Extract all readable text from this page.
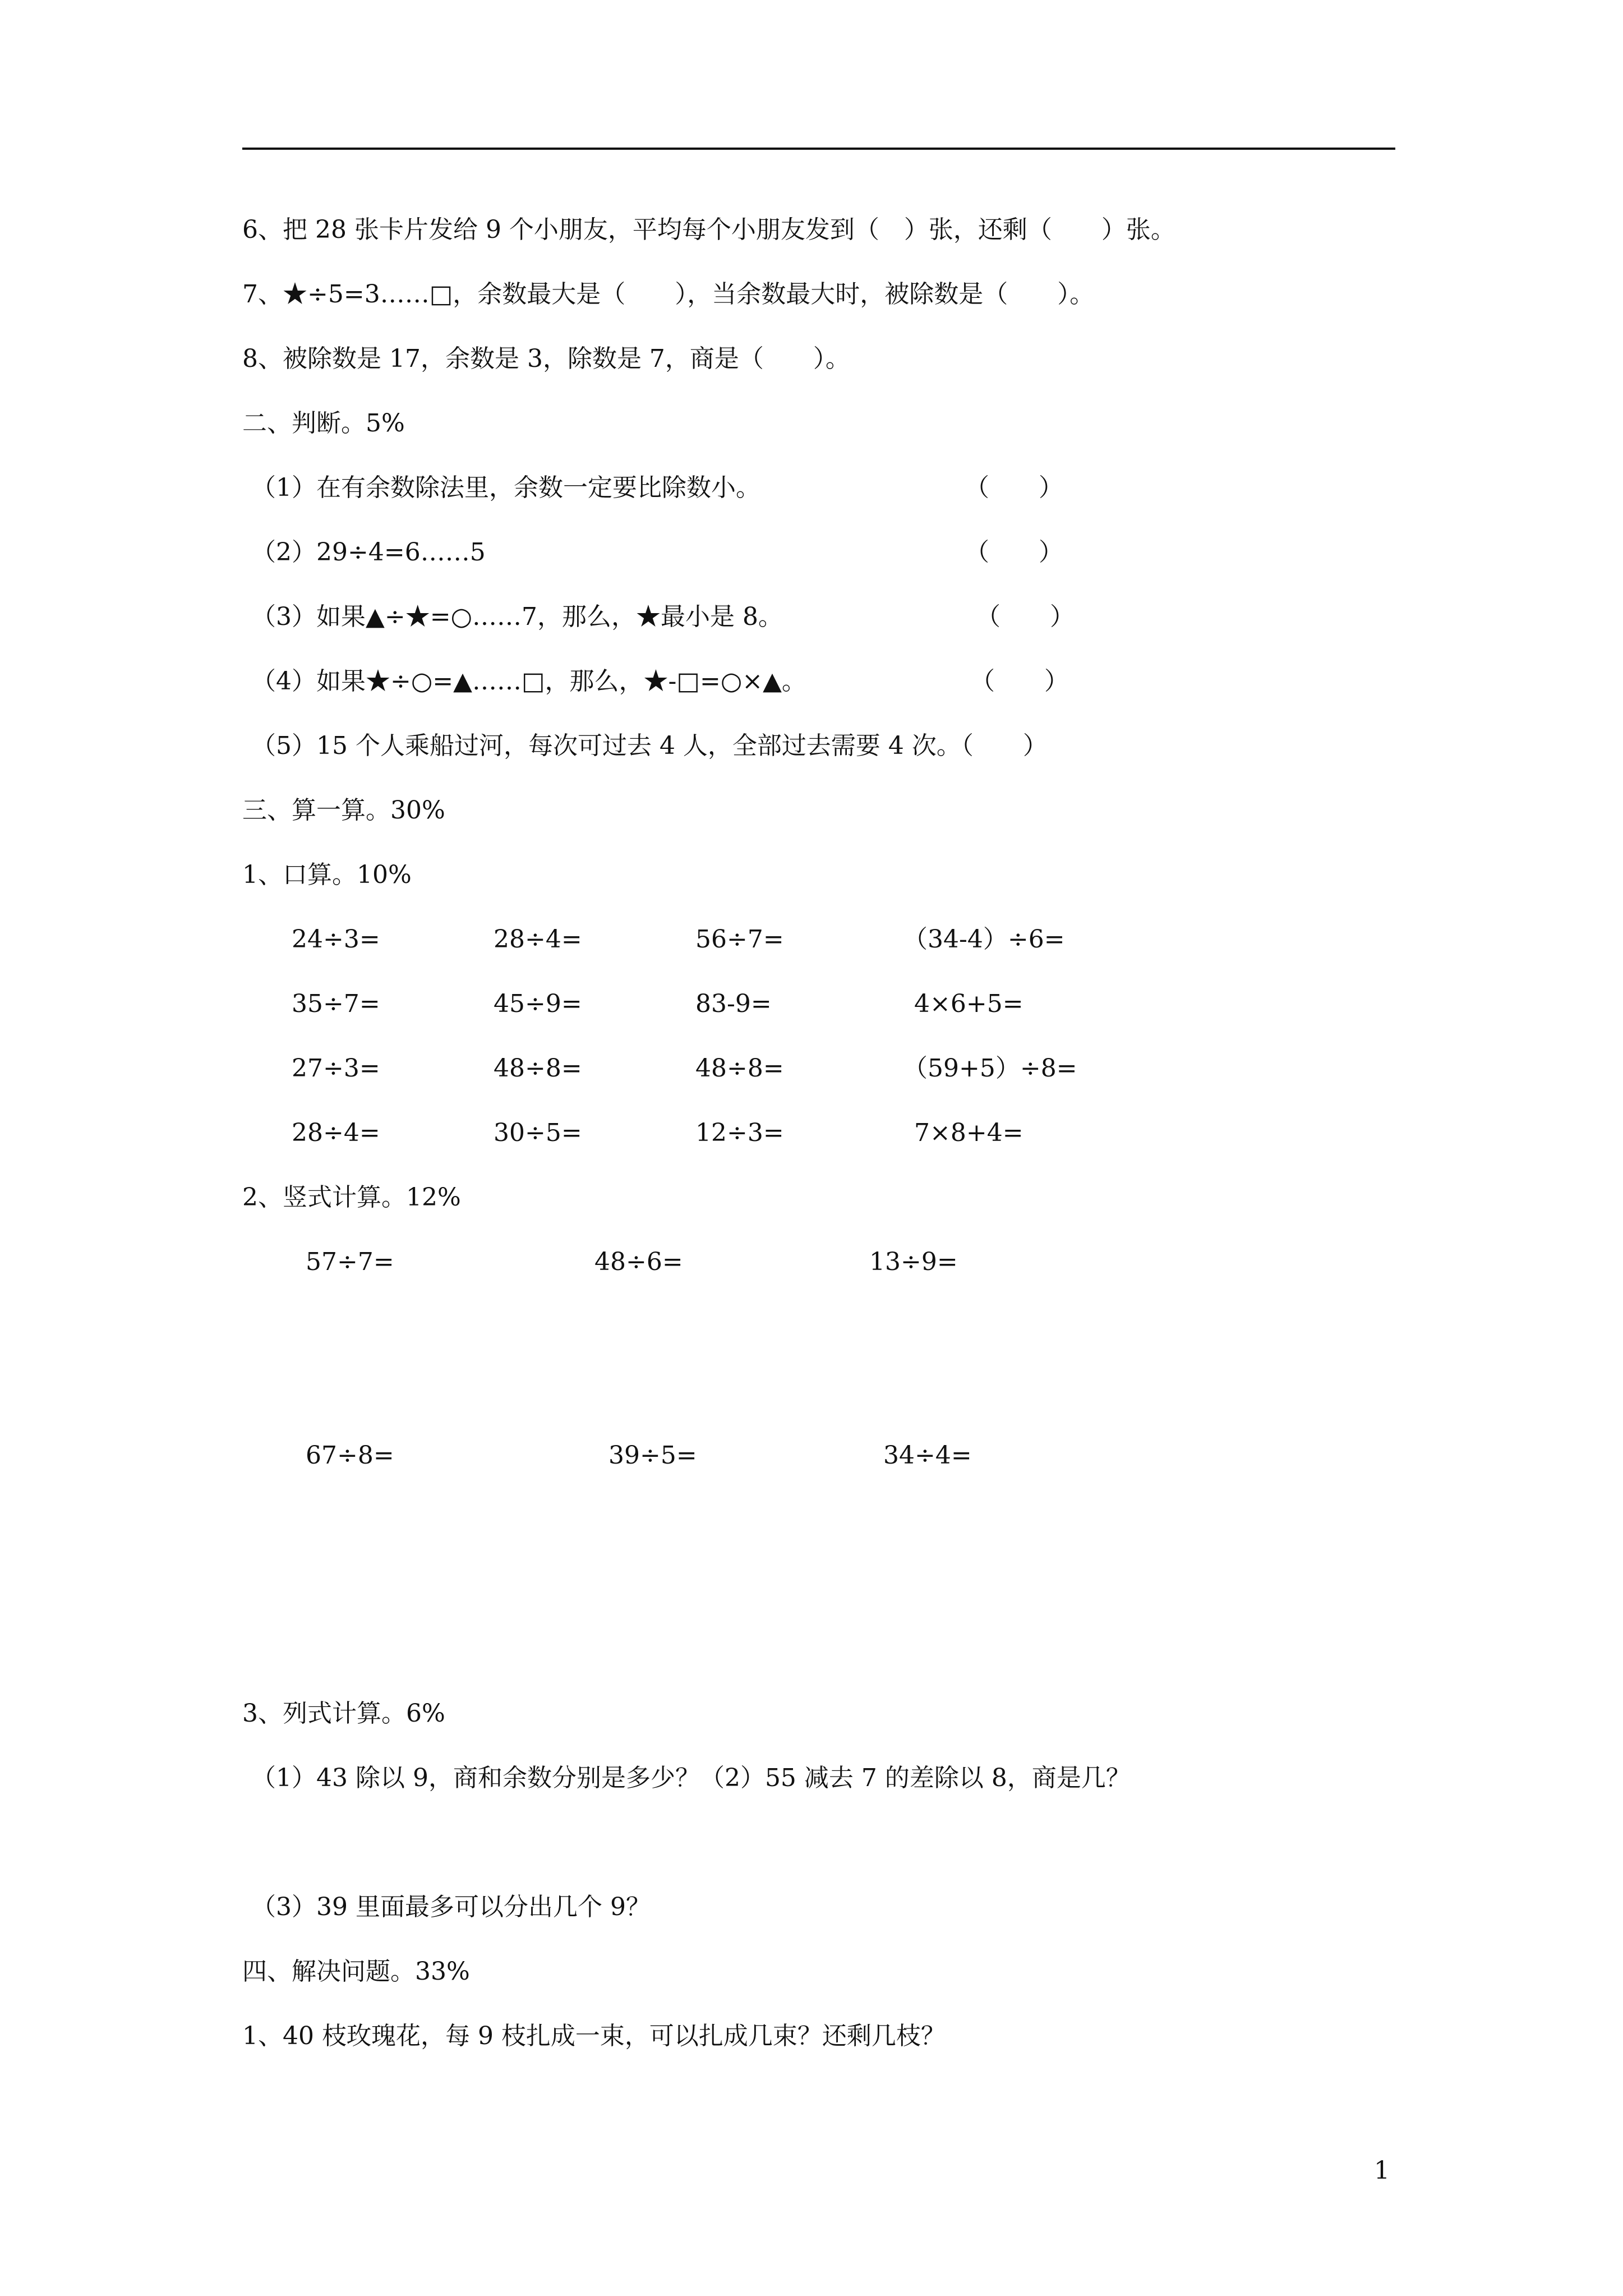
6、把 28 张卡片发给 9 个小朋友，平均每个小朋友发到（　）张，还剩（　　）张。
7、★÷5=3……□，余数最大是（　　），当余数最大时，被除数是（　　）。
8、被除数是 17，余数是 3，除数是 7，商是（　　）。
二、判断。5%
（1）在有余数除法里，余数一定要比除数小。	（　　）
（2）29÷4=6……5	（　　）
（3）如果▲÷★=○……7，那么，★最小是 8。	（　　）
（4）如果★÷○=▲……□，那么，★-□=○×▲。	（　　）
（5）15 个人乘船过河，每次可过去 4 人，全部过去需要 4 次。（　　）
三、算一算。30%
1、口算。10%
24÷3=	28÷4=	56÷7=	（34-4）÷6=
35÷7=	45÷9=	83-9=	4×6+5=
27÷3=	48÷8=	48÷8=	（59+5）÷8=
28÷4=	30÷5=	12÷3=	7×8+4=
2、竖式计算。12%
57÷7=	48÷6=	13÷9=
67÷8=	39÷5=	34÷4=
3、列式计算。6%
（1）43 除以 9，商和余数分别是多少？（2）55 减去 7 的差除以 8，商是几？
（3）39 里面最多可以分出几个 9？
四、解决问题。33%
1、40 枝玫瑰花，每 9 枝扎成一束，可以扎成几束？还剩几枝？
1
